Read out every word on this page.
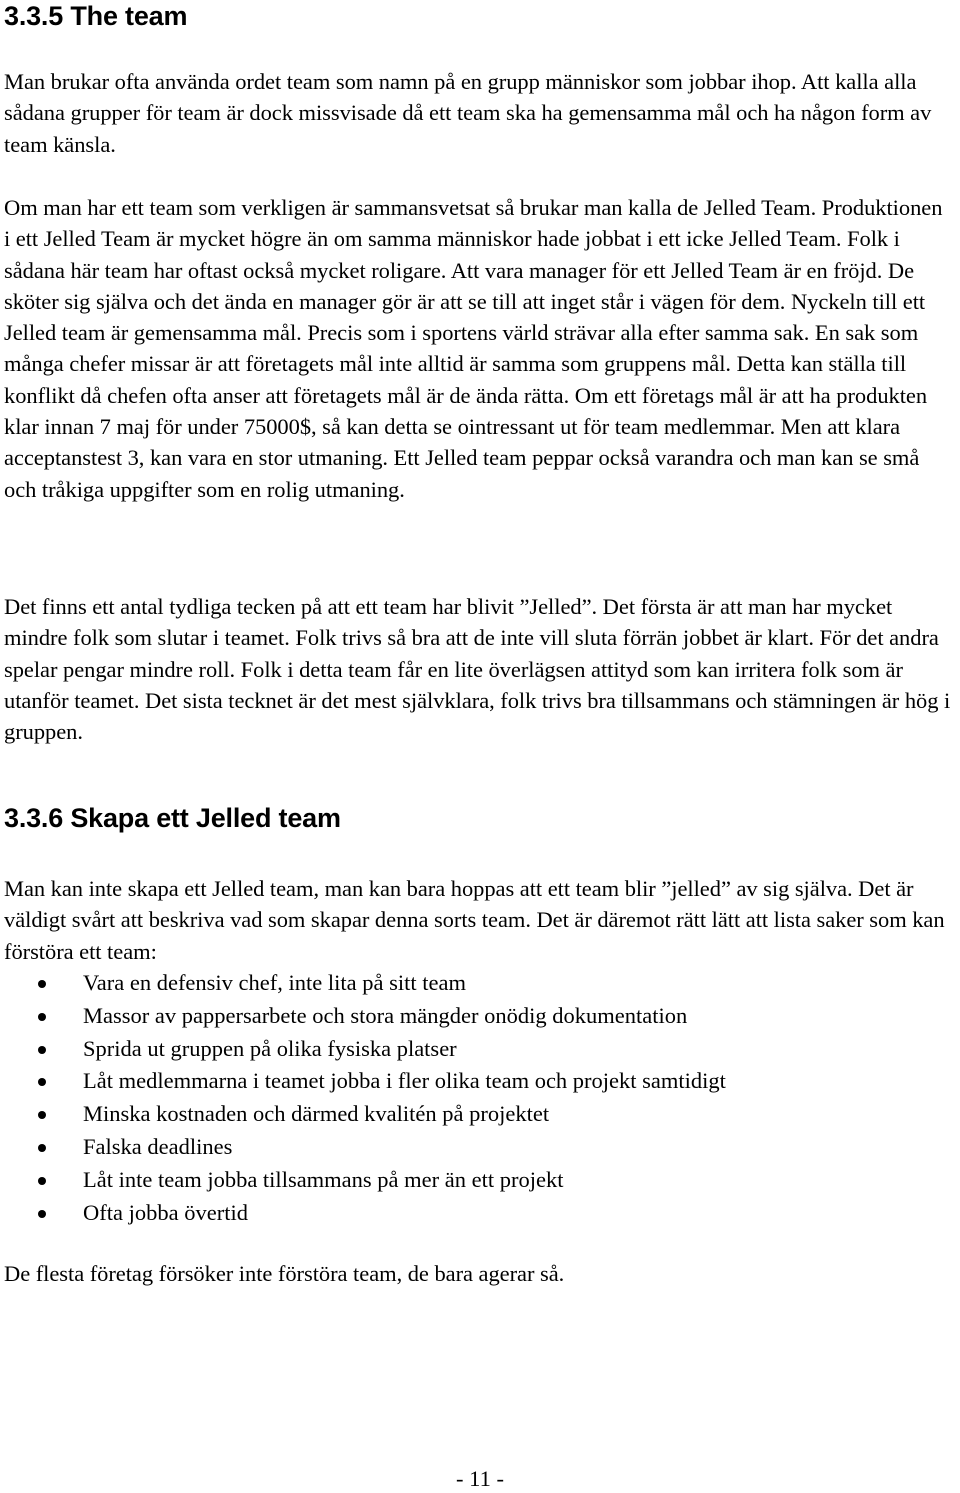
3.3.5 The team

Man brukar ofta använda ordet team som namn på en grupp människor som jobbar ihop. Att kalla alla sådana grupper för team är dock missvisade då ett team ska ha gemensamma mål och ha någon form av team känsla.

Om man har ett team som verkligen är sammansvetsat så brukar man kalla de Jelled Team. Produktionen i ett Jelled Team är mycket högre än om samma människor hade jobbat i ett icke Jelled Team. Folk i sådana här team har oftast också mycket roligare. Att vara manager för ett Jelled Team är en fröjd. De sköter sig själva och det ända en manager gör är att se till att inget står i vägen för dem. Nyckeln till ett Jelled team är gemensamma mål. Precis som i sportens värld strävar alla efter samma sak. En sak som många chefer missar är att företagets mål inte alltid är samma som gruppens mål. Detta kan ställa till konflikt då chefen ofta anser att företagets mål är de ända rätta. Om ett företags mål är att ha produkten klar innan 7 maj för under 75000$, så kan detta se ointressant ut för team medlemmar. Men att klara acceptanstest 3, kan vara en stor utmaning. Ett Jelled team peppar också varandra och man kan se små och tråkiga uppgifter som en rolig utmaning.

Det finns ett antal tydliga tecken på att ett team har blivit ”Jelled”. Det första är att man har mycket mindre folk som slutar i teamet. Folk trivs så bra att de inte vill sluta förrän jobbet är klart. För det andra spelar pengar mindre roll. Folk i detta team får en lite överlägsen attityd som kan irritera folk som är utanför teamet. Det sista tecknet är det mest självklara, folk trivs bra tillsammans och stämningen är hög i gruppen.

3.3.6 Skapa ett Jelled team

Man kan inte skapa ett Jelled team, man kan bara hoppas att ett team blir ”jelled” av sig själva. Det är väldigt svårt att beskriva vad som skapar denna sorts team. Det är däremot rätt lätt att lista saker som kan förstöra ett team:

Vara en defensiv chef, inte lita på sitt team
Massor av pappersarbete och stora mängder onödig dokumentation
Sprida ut gruppen på olika fysiska platser
Låt medlemmarna i teamet jobba i fler olika team och projekt samtidigt
Minska kostnaden och därmed kvalitén på projektet
Falska deadlines
Låt inte team jobba tillsammans på mer än ett projekt
Ofta jobba övertid

De flesta företag försöker inte förstöra team, de bara agerar så.

- 11 -
